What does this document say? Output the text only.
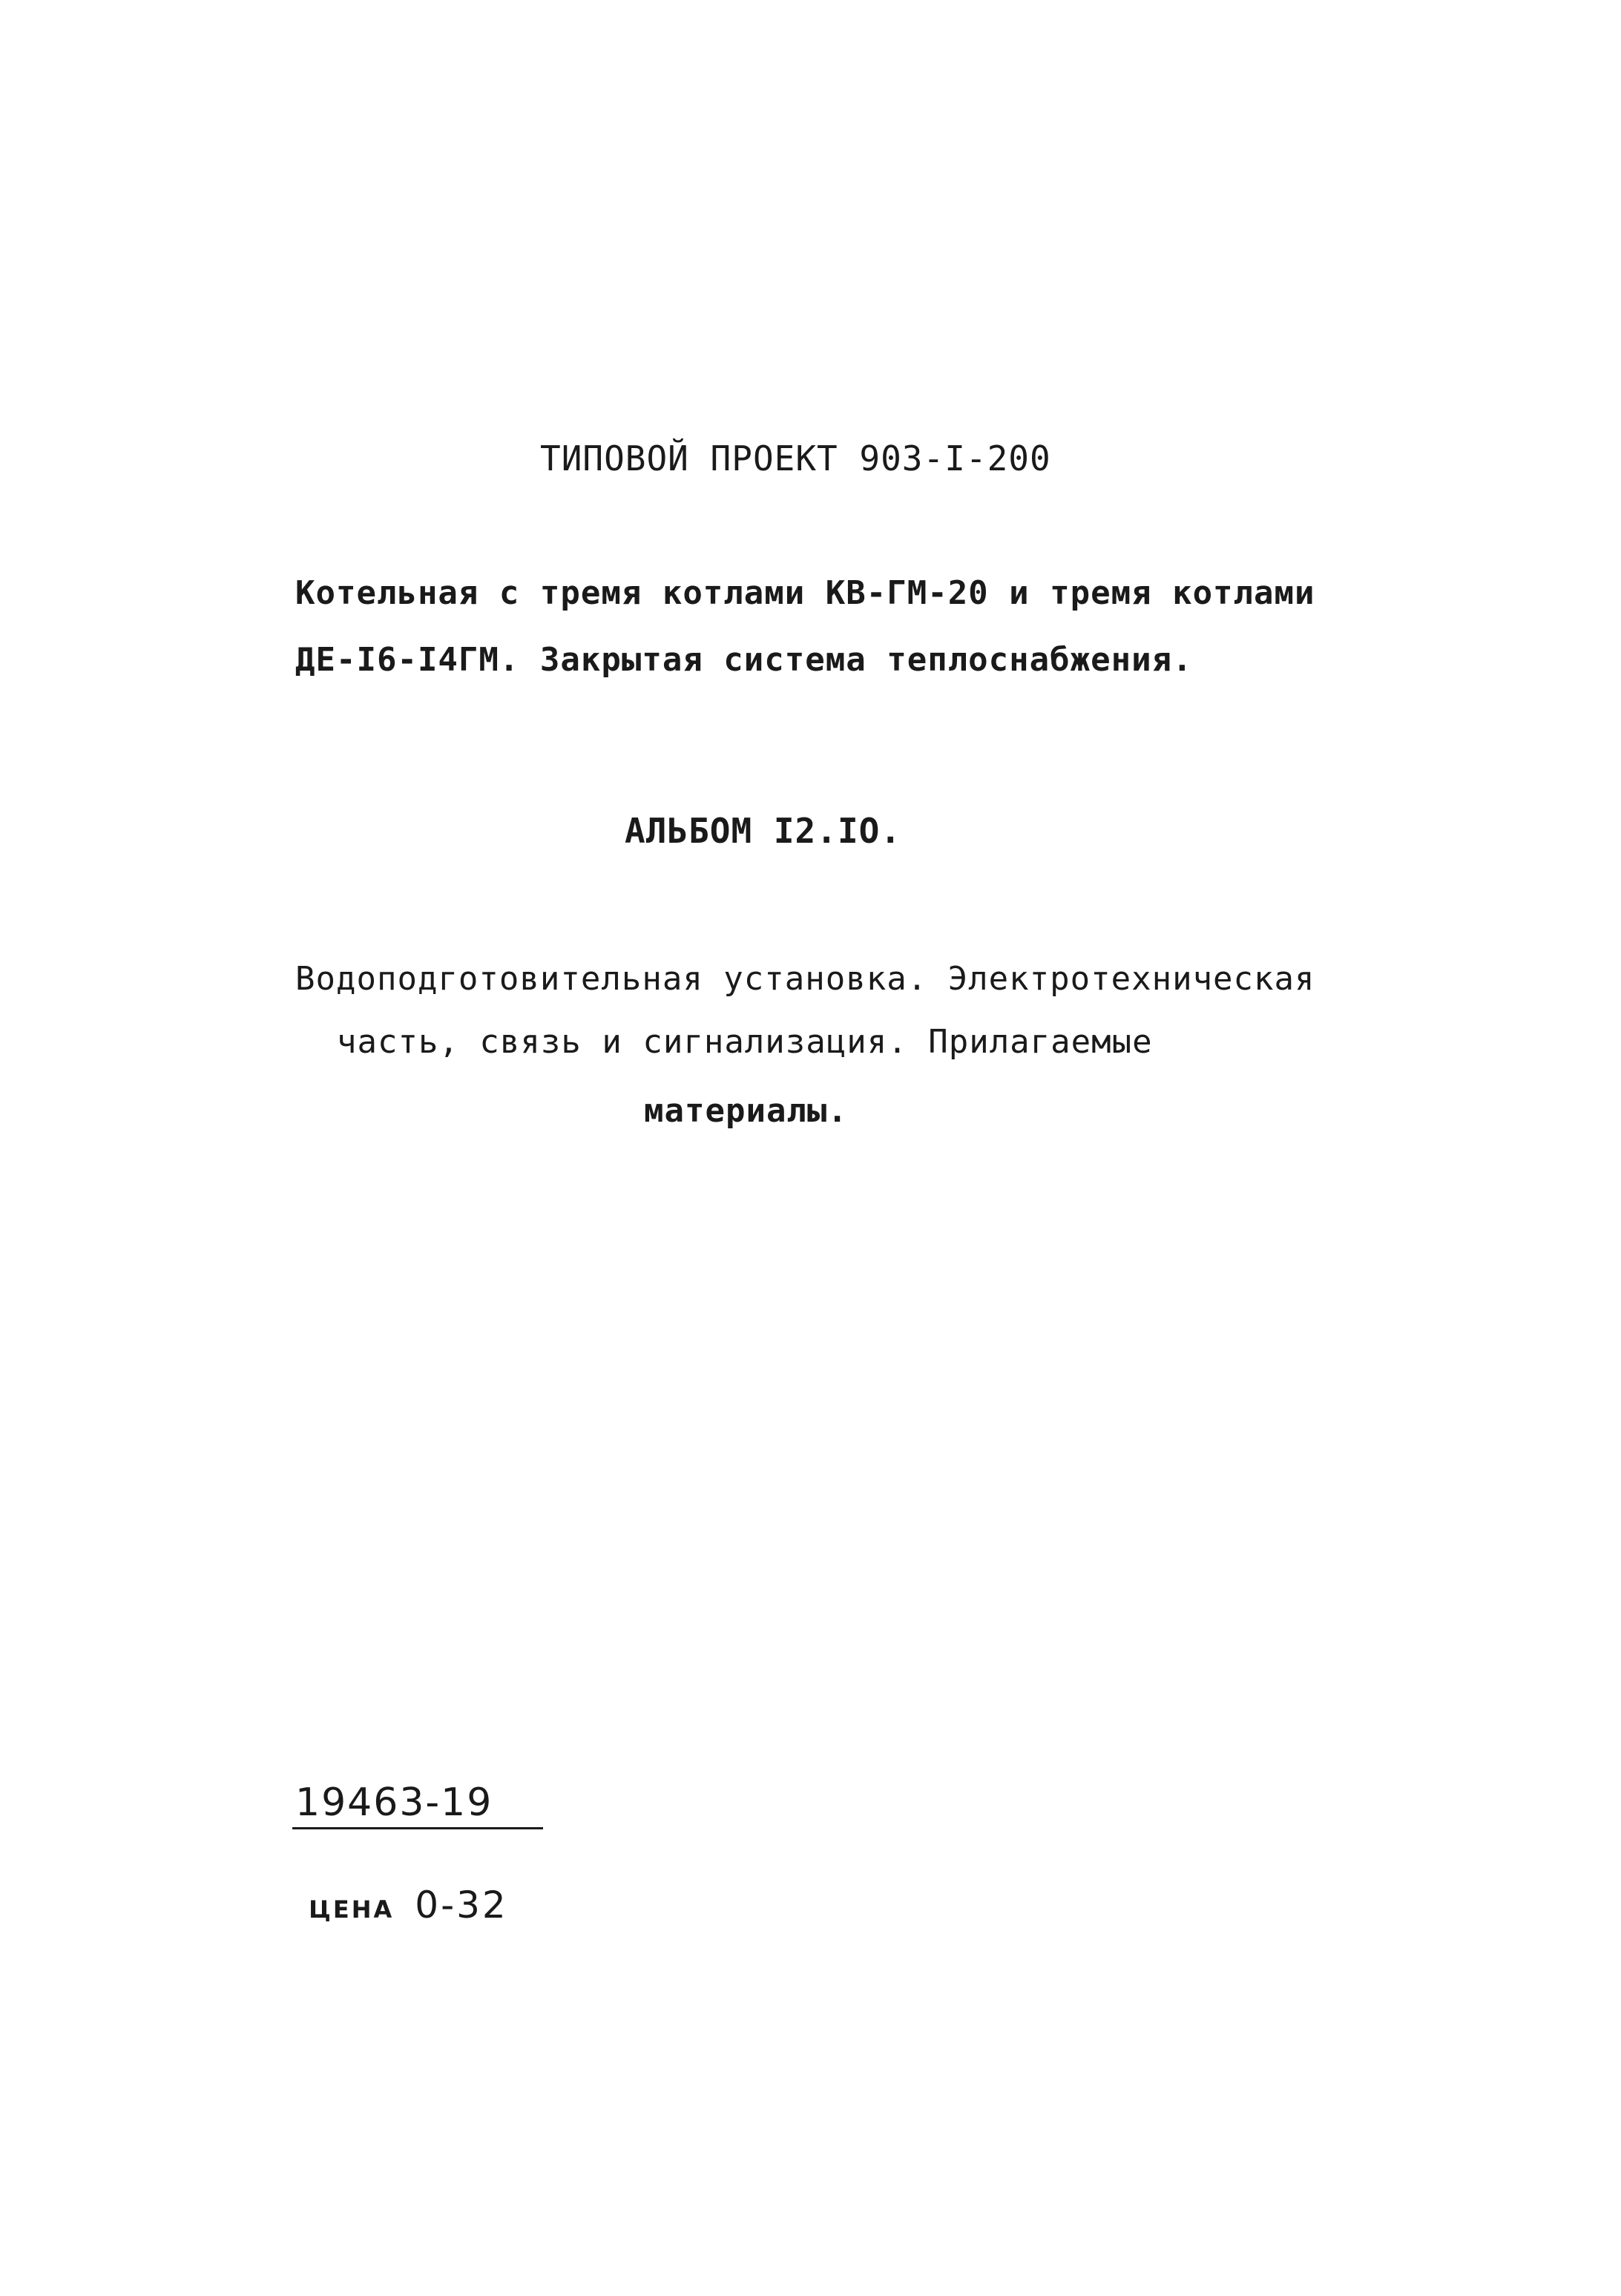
ТИПОВОЙ ПРОЕКТ 903-I-200
Котельная с тремя котлами КВ-ГМ-20 и тремя котлами
ДЕ-I6-I4ГМ. Закрытая система теплоснабжения.
АЛЬБОМ I2.IO.
Водоподготовительная установка. Электротехническая
часть, связь и сигнализация. Прилагаемые
материалы.
19463-19

ЦЕНА 0-32
